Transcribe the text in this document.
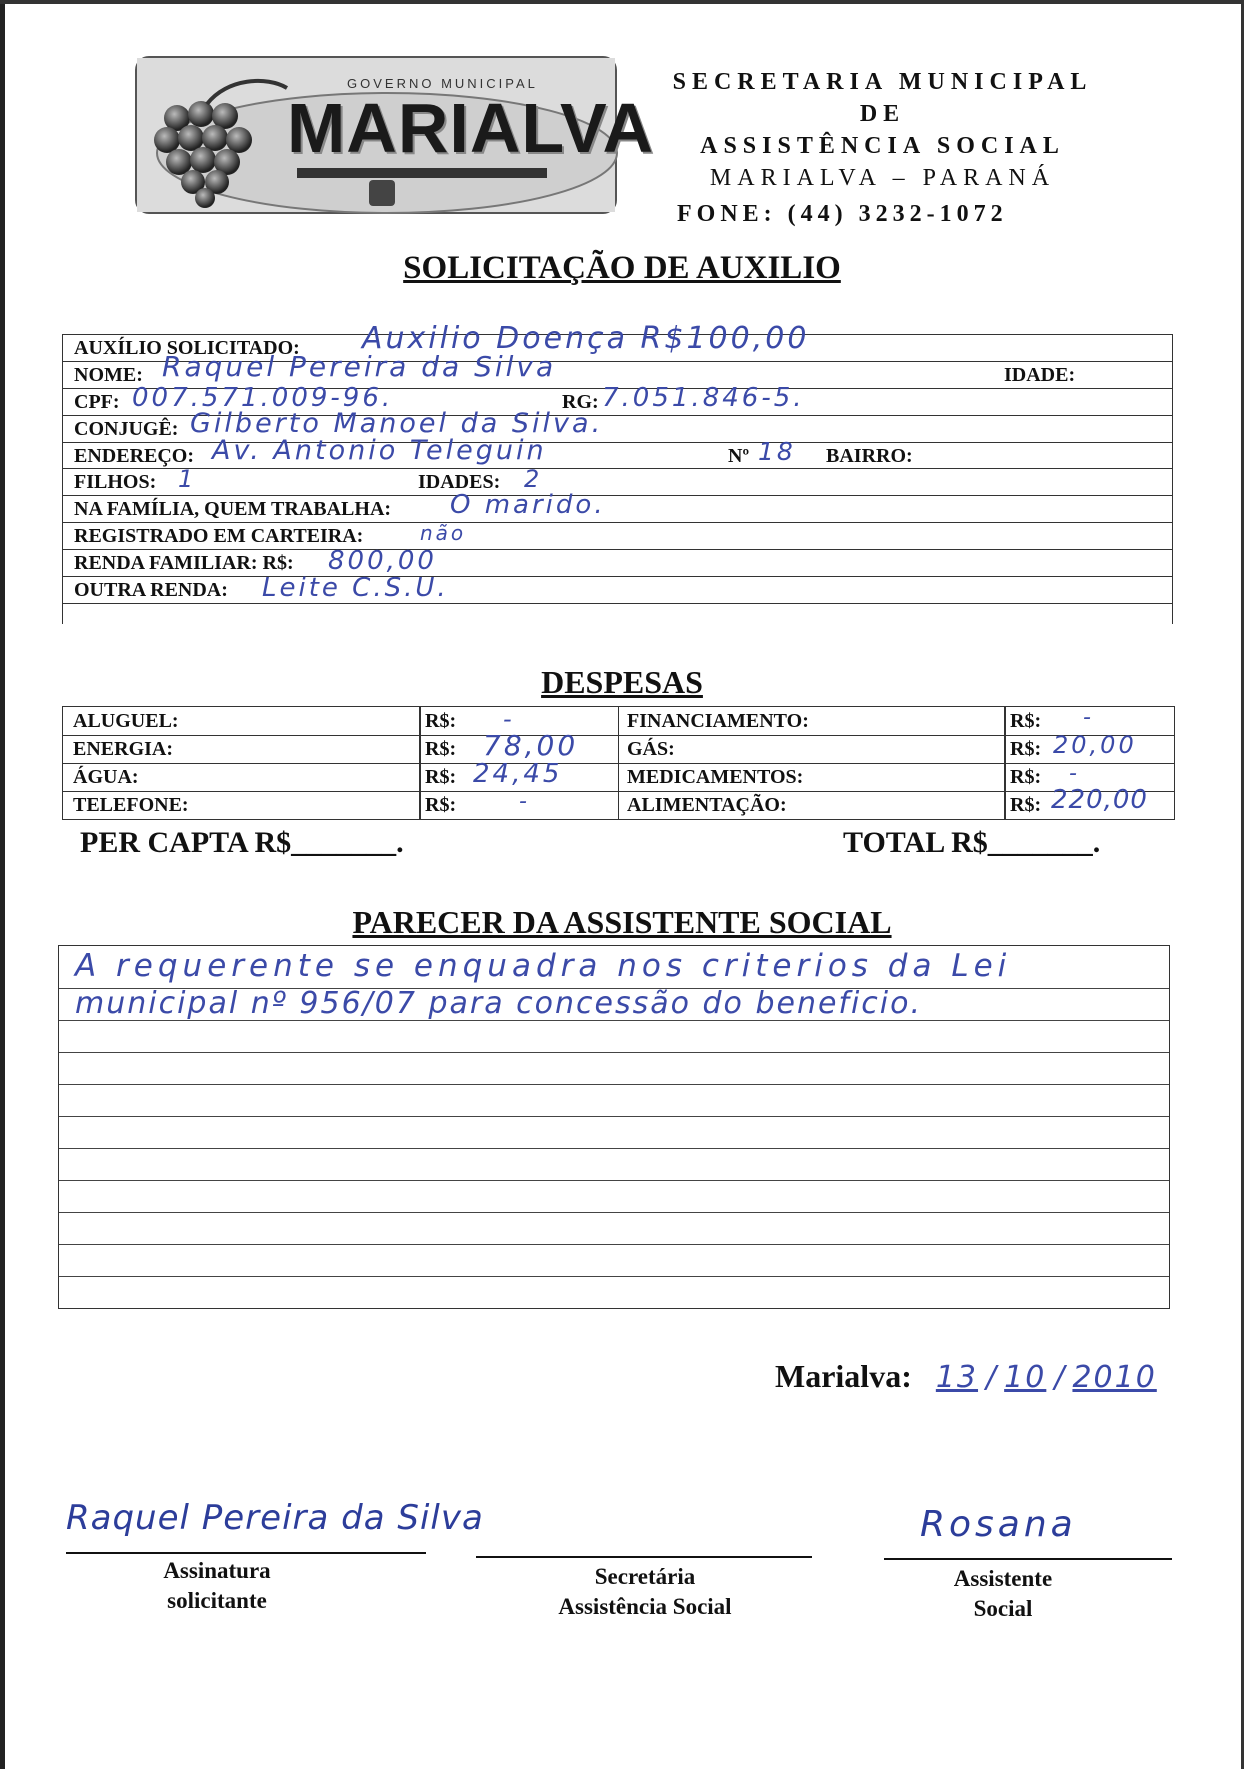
GOVERNO MUNICIPAL
MARIALVA
SECRETARIA MUNICIPAL
DE
ASSISTÊNCIA SOCIAL
MARIALVA – PARANÁ
FONE: (44) 3232-1072
SOLICITAÇÃO DE AUXILIO
AUXÍLIO SOLICITADO: Auxilio Doença R$100,00
NOME: Raquel Pereira da Silva	IDADE:
CPF: 007.571.009-96.	RG: 7.051.846-5.
CONJUGÊ: Gilberto Manoel da Silva.
ENDEREÇO: Av. Antonio Teleguin	Nº 18 BAIRRO:
FILHOS: 1	IDADES: 2
NA FAMÍLIA, QUEM TRABALHA: O marido.
REGISTRADO EM CARTEIRA:	não
RENDA FAMILIAR: R$: 800,00
OUTRA RENDA: Leite C.S.U.
DESPESAS
ALUGUEL:	R$: -	FINANCIAMENTO:	R$: -
ENERGIA:	R$: 78,00 GÁS:	R$: 20,00
ÁGUA:	R$: 24,45	MEDICAMENTOS:	R$: -
TELEFONE:	R$:	-	ALIMENTAÇÃO:	R$: 220,00
PER CAPTA R$_______.	TOTAL R$_______.
PARECER DA ASSISTENTE SOCIAL
A requerente se enquadra nos criterios da Lei
municipal nº 956/07 para concessão do beneficio.
Marialva: 13 / 10 / 2010
Raquel Pereira da Silva
Assinatura
solicitante
Secretária
Assistência Social
Rosana
Assistente
Social
